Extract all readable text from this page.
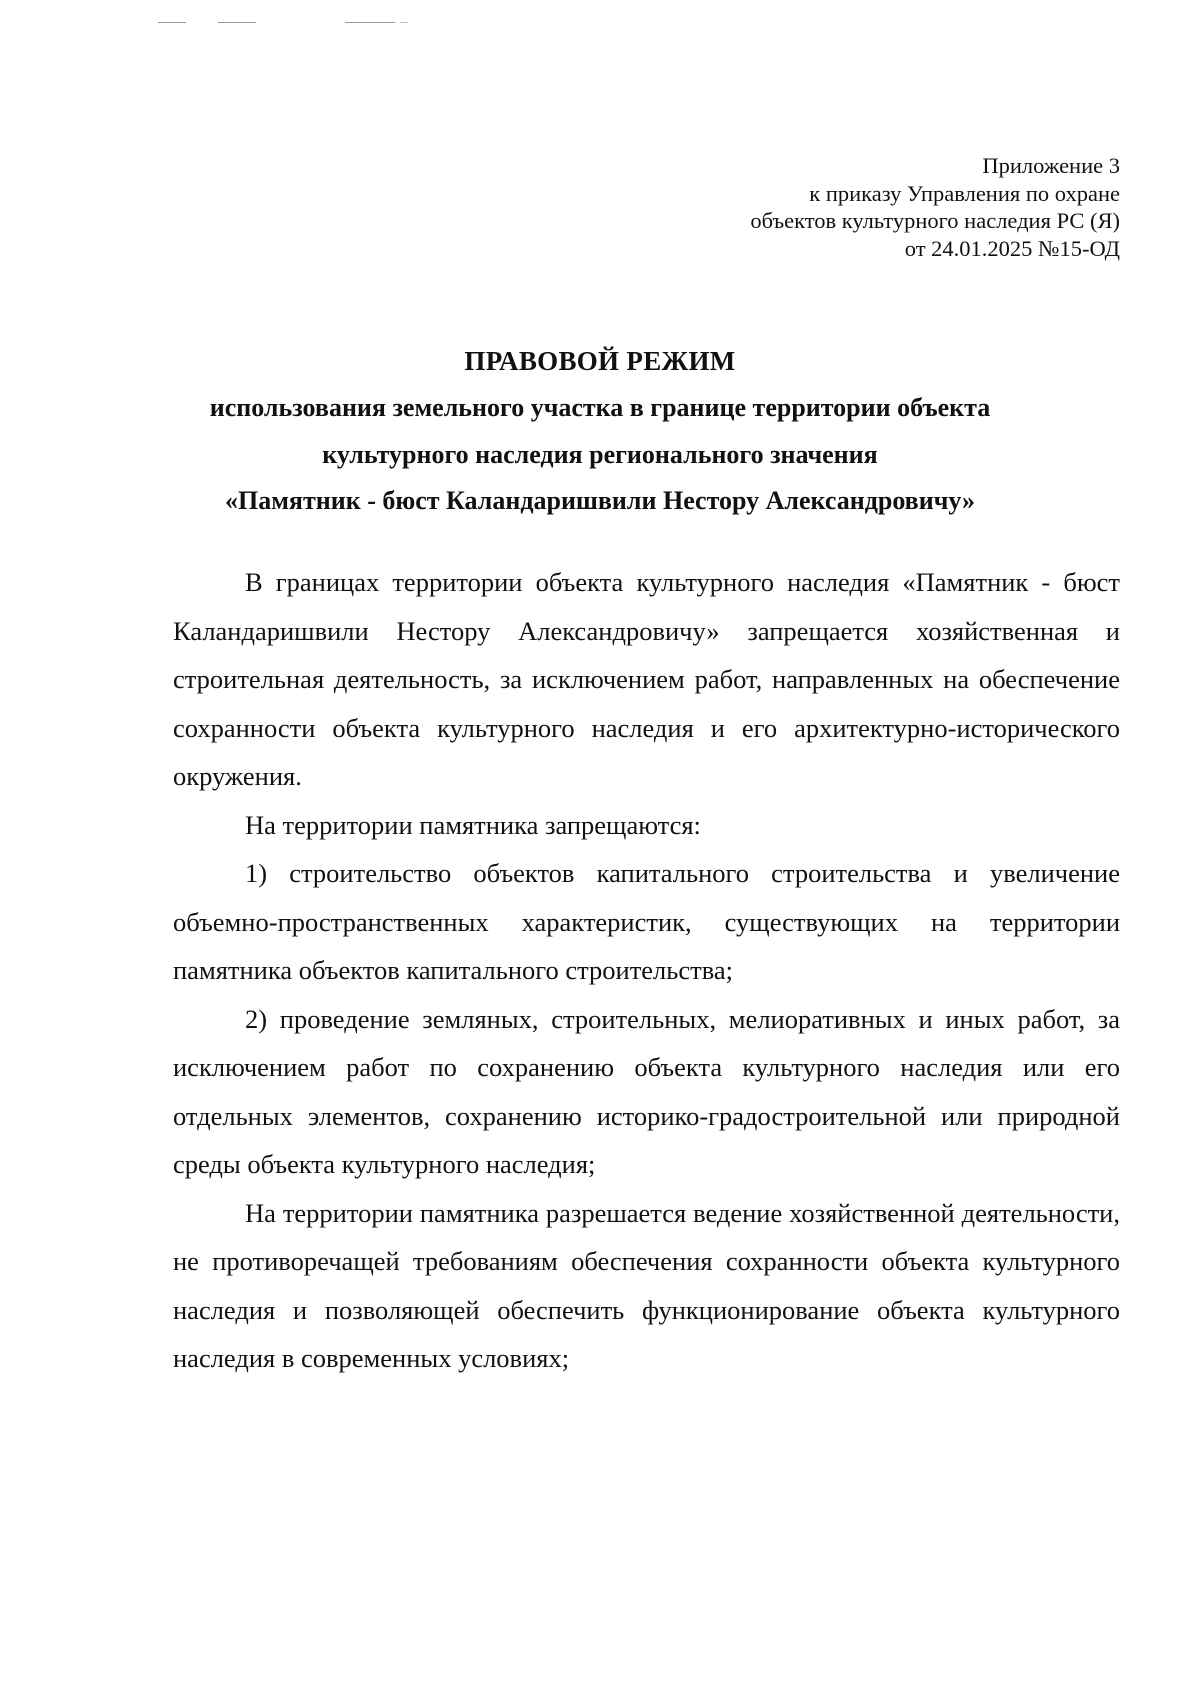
Приложение 3
к приказу Управления по охране
объектов культурного наследия РС (Я)
от 24.01.2025 №15-ОД
ПРАВОВОЙ РЕЖИМ
использования земельного участка в границе территории объекта
культурного наследия регионального значения
«Памятник - бюст Каландаришвили Нестору Александровичу»

В границах территории объекта культурного наследия «Памятник - бюст Каландаришвили Нестору Александровичу» запрещается хозяйственная и строительная деятельность, за исключением работ, направленных на обеспечение сохранности объекта культурного наследия и его архитектурно-исторического окружения.

На территории памятника запрещаются:

1) строительство объектов капитального строительства и увеличение объемно-пространственных характеристик, существующих на территории памятника объектов капитального строительства;

2) проведение земляных, строительных, мелиоративных и иных работ, за исключением работ по сохранению объекта культурного наследия или его отдельных элементов, сохранению историко-градостроительной или природной среды объекта культурного наследия;

На территории памятника разрешается ведение хозяйственной деятельности, не противоречащей требованиям обеспечения сохранности объекта культурного наследия и позволяющей обеспечить функционирование объекта культурного наследия в современных условиях;
